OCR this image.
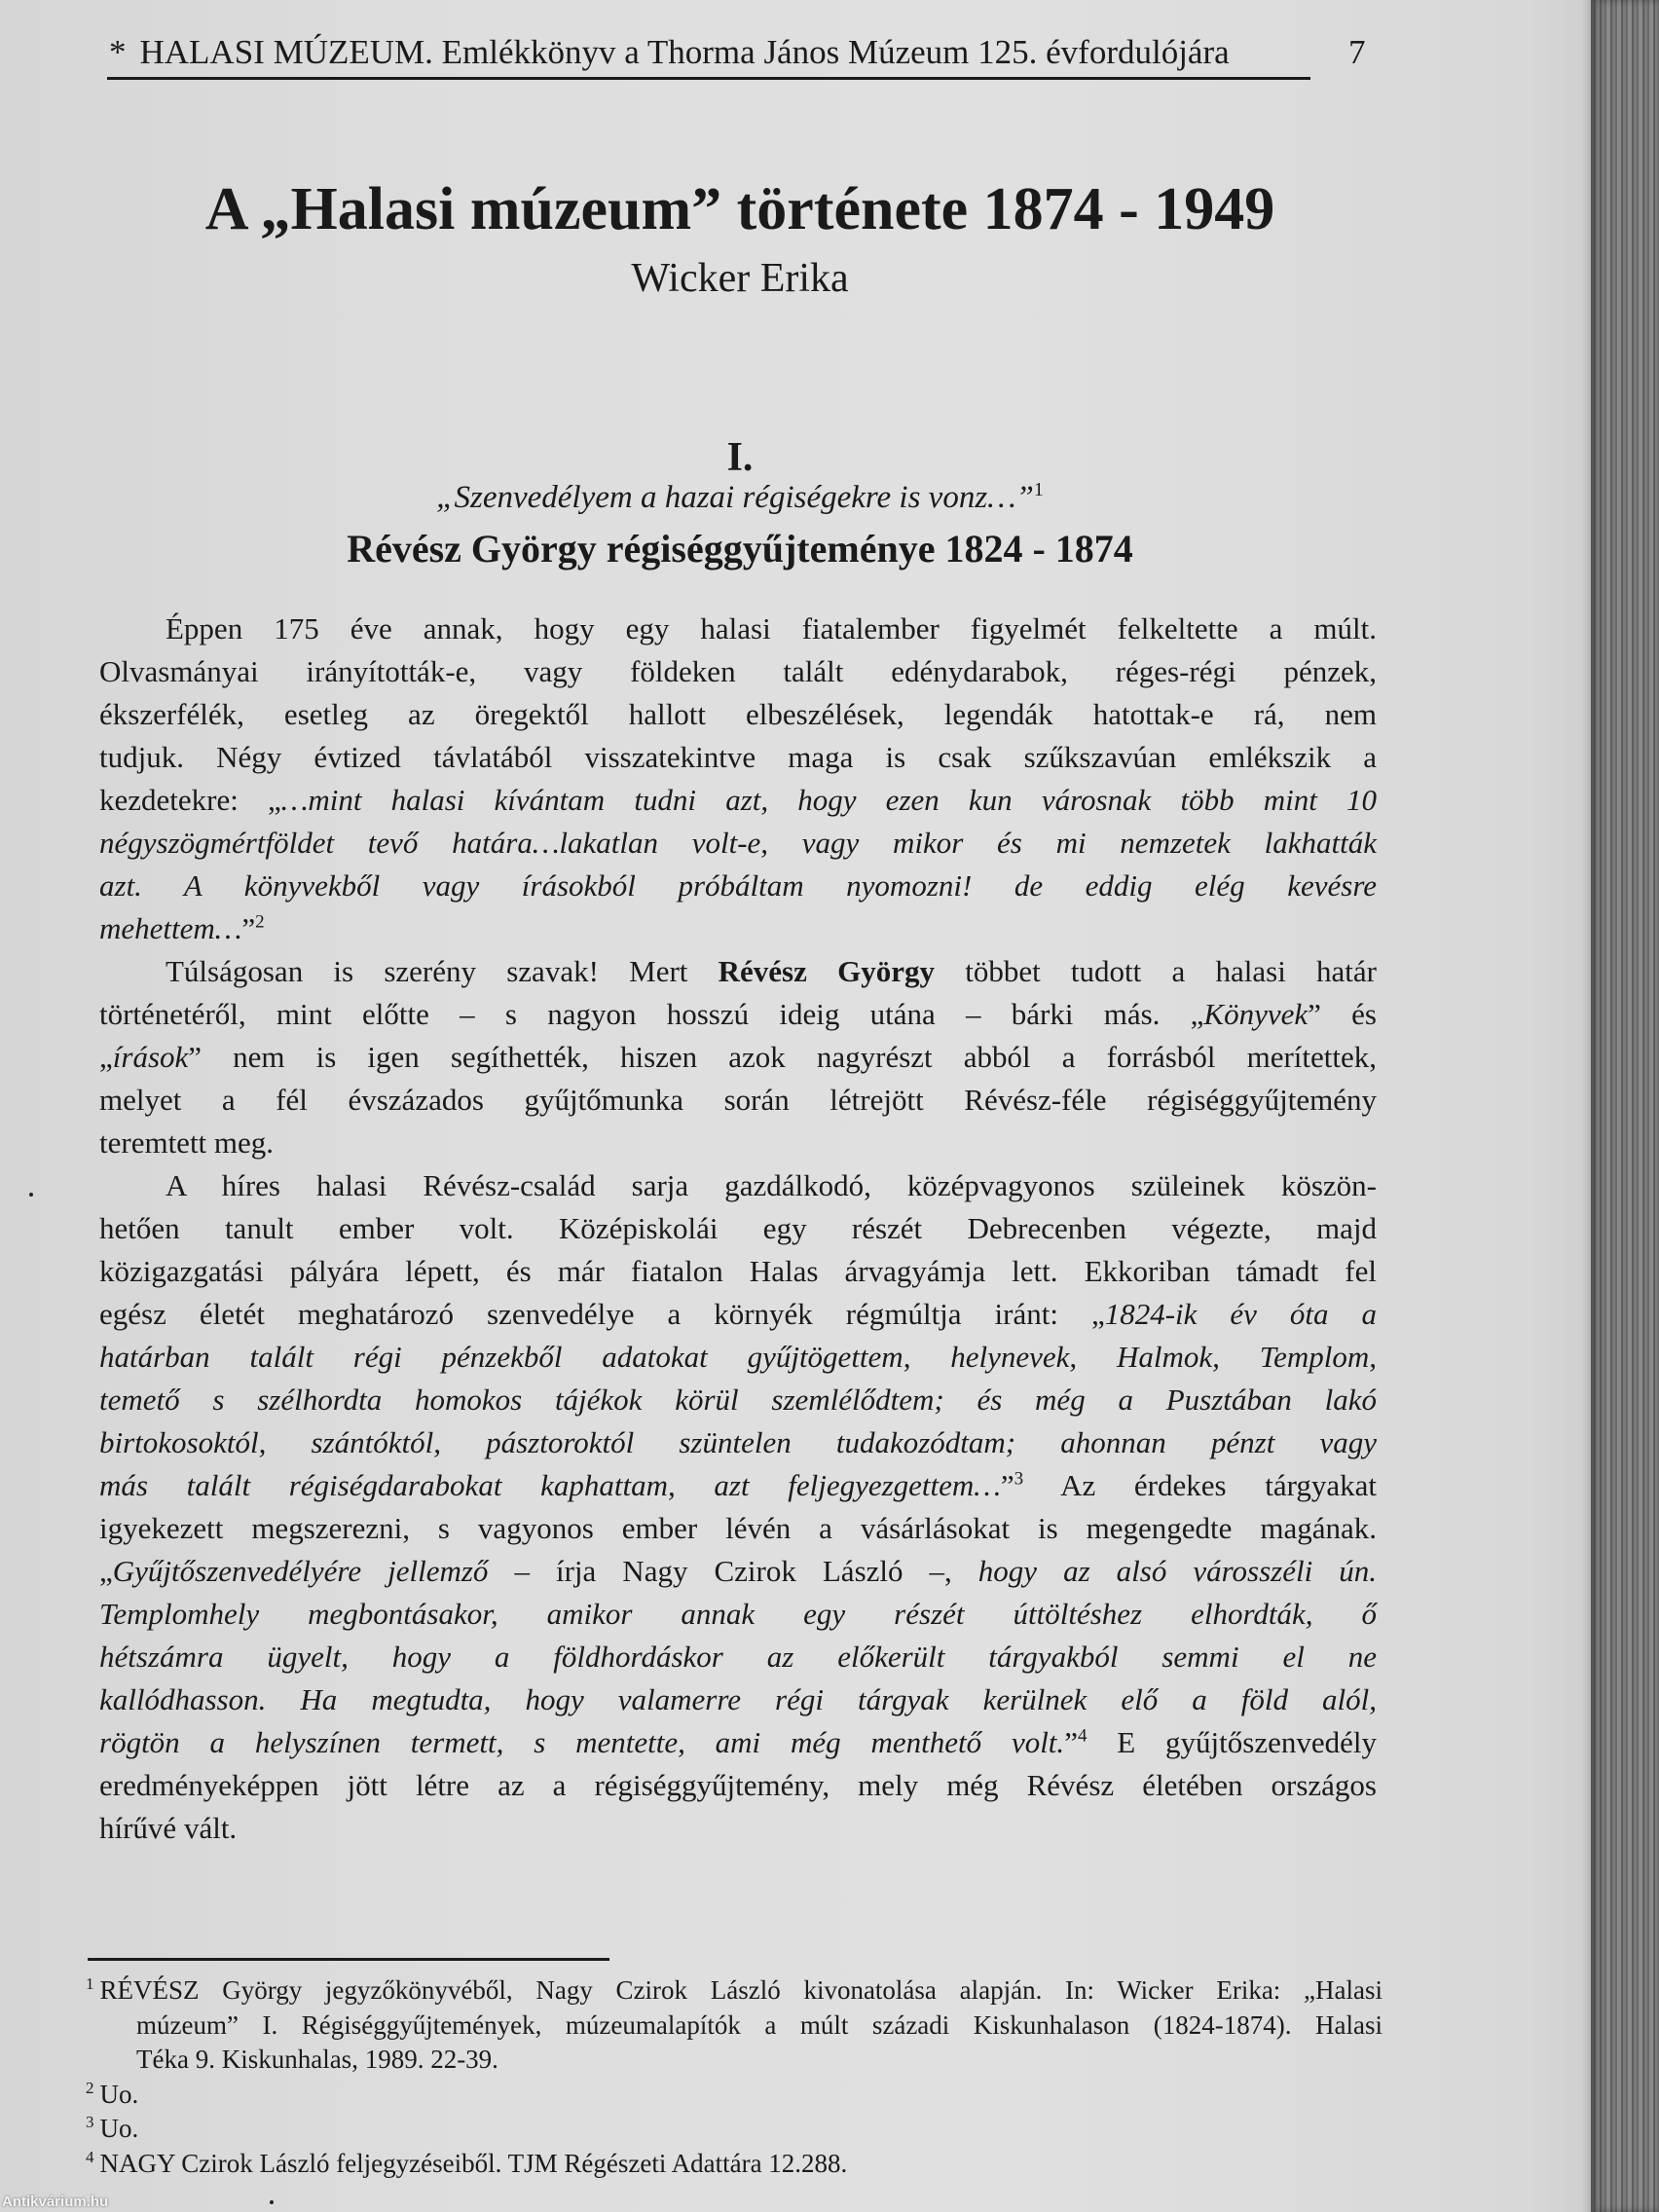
* HALASI MÚZEUM. Emlékkönyv a Thorma János Múzeum 125. évfordulójára	7
A „Halasi múzeum” története 1874 - 1949
Wicker Erika
I.
„Szenvedélyem a hazai régiségekre is vonz…”$^1$
Révész György régiséggyűjteménye 1824 - 1874
Éppen 175 éve annak, hogy egy halasi fiatalember figyelmét felkeltette a múlt.
Olvasmányai irányították-e, vagy földeken talált edénydarabok, réges-régi pénzek,
ékszerfélék, esetleg az öregektől hallott elbeszélések, legendák hatottak-e rá, nem
tudjuk. Négy évtized távlatából visszatekintve maga is csak szűkszavúan emlékszik a
kezdetekre: „…mint halasi kívántam tudni azt, hogy ezen kun városnak több mint 10
négyszögmértföldet tevő határa…lakatlan volt-e, vagy mikor és mi nemzetek lakhatták
azt. A könyvekből vagy írásokból próbáltam nyomozni! de eddig elég kevésre
mehettem…”$^2$
Túlságosan is szerény szavak! Mert Révész György többet tudott a halasi határ
történetéről, mint előtte – s nagyon hosszú ideig utána – bárki más. „Könyvek” és
„írások” nem is igen segíthették, hiszen azok nagyrészt abból a forrásból merítettek,
melyet a fél évszázados gyűjtőmunka során létrejött Révész-féle régiséggyűjtemény
teremtett meg.
A híres halasi Révész-család sarja gazdálkodó, középvagyonos szüleinek köszön-
hetően tanult ember volt. Középiskolái egy részét Debrecenben végezte, majd
közigazgatási pályára lépett, és már fiatalon Halas árvagyámja lett. Ekkoriban támadt fel
egész életét meghatározó szenvedélye a környék régmúltja iránt: „1824-ik év óta a
határban talált régi pénzekből adatokat gyűjtögettem, helynevek, Halmok, Templom,
temető s szélhordta homokos tájékok körül szemlélődtem; és még a Pusztában lakó
birtokosoktól, szántóktól, pásztoroktól szüntelen tudakozódtam; ahonnan pénzt vagy
más talált régiségdarabokat kaphattam, azt feljegyezgettem…”$^3$ Az érdekes tárgyakat
igyekezett megszerezni, s vagyonos ember lévén a vásárlásokat is megengedte magának.
„Gyűjtőszenvedélyére jellemző – írja Nagy Czirok László –, hogy az alsó városszéli ún.
Templomhely megbontásakor, amikor annak egy részét úttöltéshez elhordták, ő
hétszámra ügyelt, hogy a földhordáskor az előkerült tárgyakból semmi el ne
kallódhasson. Ha megtudta, hogy valamerre régi tárgyak kerülnek elő a föld alól,
rögtön a helyszínen termett, s mentette, ami még menthető volt.”$^4$ E gyűjtőszenvedély
eredményeképpen jött létre az a régiséggyűjtemény, mely még Révész életében országos
hírűvé vált.
$^1$ RÉVÉSZ György jegyzőkönyvéből, Nagy Czirok László kivonatolása alapján. In: Wicker Erika: „Halasi
múzeum” I. Régiséggyűjtemények, múzeumalapítók a múlt századi Kiskunhalason (1824-1874). Halasi
Téka 9. Kiskunhalas, 1989. 22-39.
$^2$ Uo.
$^3$ Uo.
$^4$ NAGY Czirok László feljegyzéseiből. TJM Régészeti Adattára 12.288.
Antikvárium.hu
